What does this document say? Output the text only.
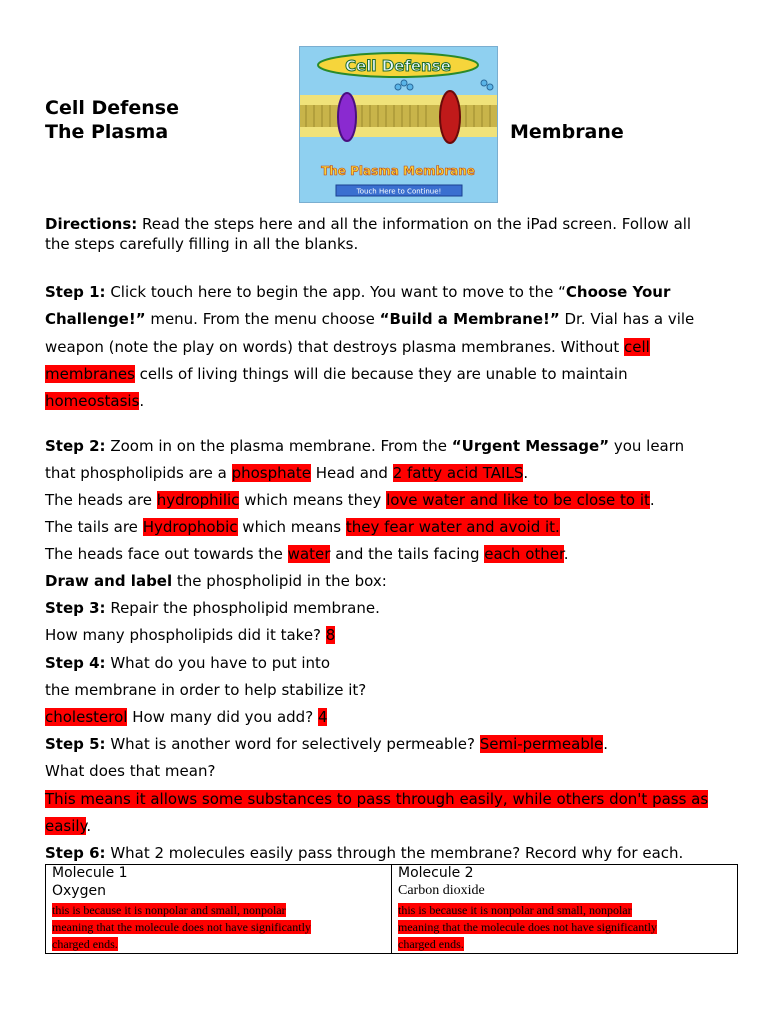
Cell Defense
The Plasma	Membrane
Cell Defense
The Plasma Membrane
Touch Here to Continue!
Directions: Read the steps here and all the information on the iPad screen. Follow all
the steps carefully filling in all the blanks.
Step 1: Click touch here to begin the app. You want to move to the “Choose Your
Challenge!” menu. From the menu choose “Build a Membrane!” Dr. Vial has a vile
weapon (note the play on words) that destroys plasma membranes. Without cell
membranes cells of living things will die because they are unable to maintain
homeostasis.
Step 2: Zoom in on the plasma membrane. From the “Urgent Message” you learn
that phospholipids are a phosphate Head and 2 fatty acid TAILS.
The heads are hydrophilic which means they love water and like to be close to it.
The tails are Hydrophobic which means they fear water and avoid it.
The heads face out towards the water and the tails facing each other.
Draw and label the phospholipid in the box:
Step 3: Repair the phospholipid membrane.
How many phospholipids did it take? 8
Step 4: What do you have to put into
the membrane in order to help stabilize it?
cholesterol How many did you add? 4
Step 5: What is another word for selectively permeable? Semi-permeable.
What does that mean?
This means it allows some substances to pass through easily, while others don't pass as
easily.
Step 6: What 2 molecules easily pass through the membrane? Record why for each.
Molecule 1
Oxygen
this is because it is nonpolar and small, nonpolar
meaning that the molecule does not have significantly
charged ends.
Molecule 2
Carbon dioxide
this is because it is nonpolar and small, nonpolar
meaning that the molecule does not have significantly
charged ends.
